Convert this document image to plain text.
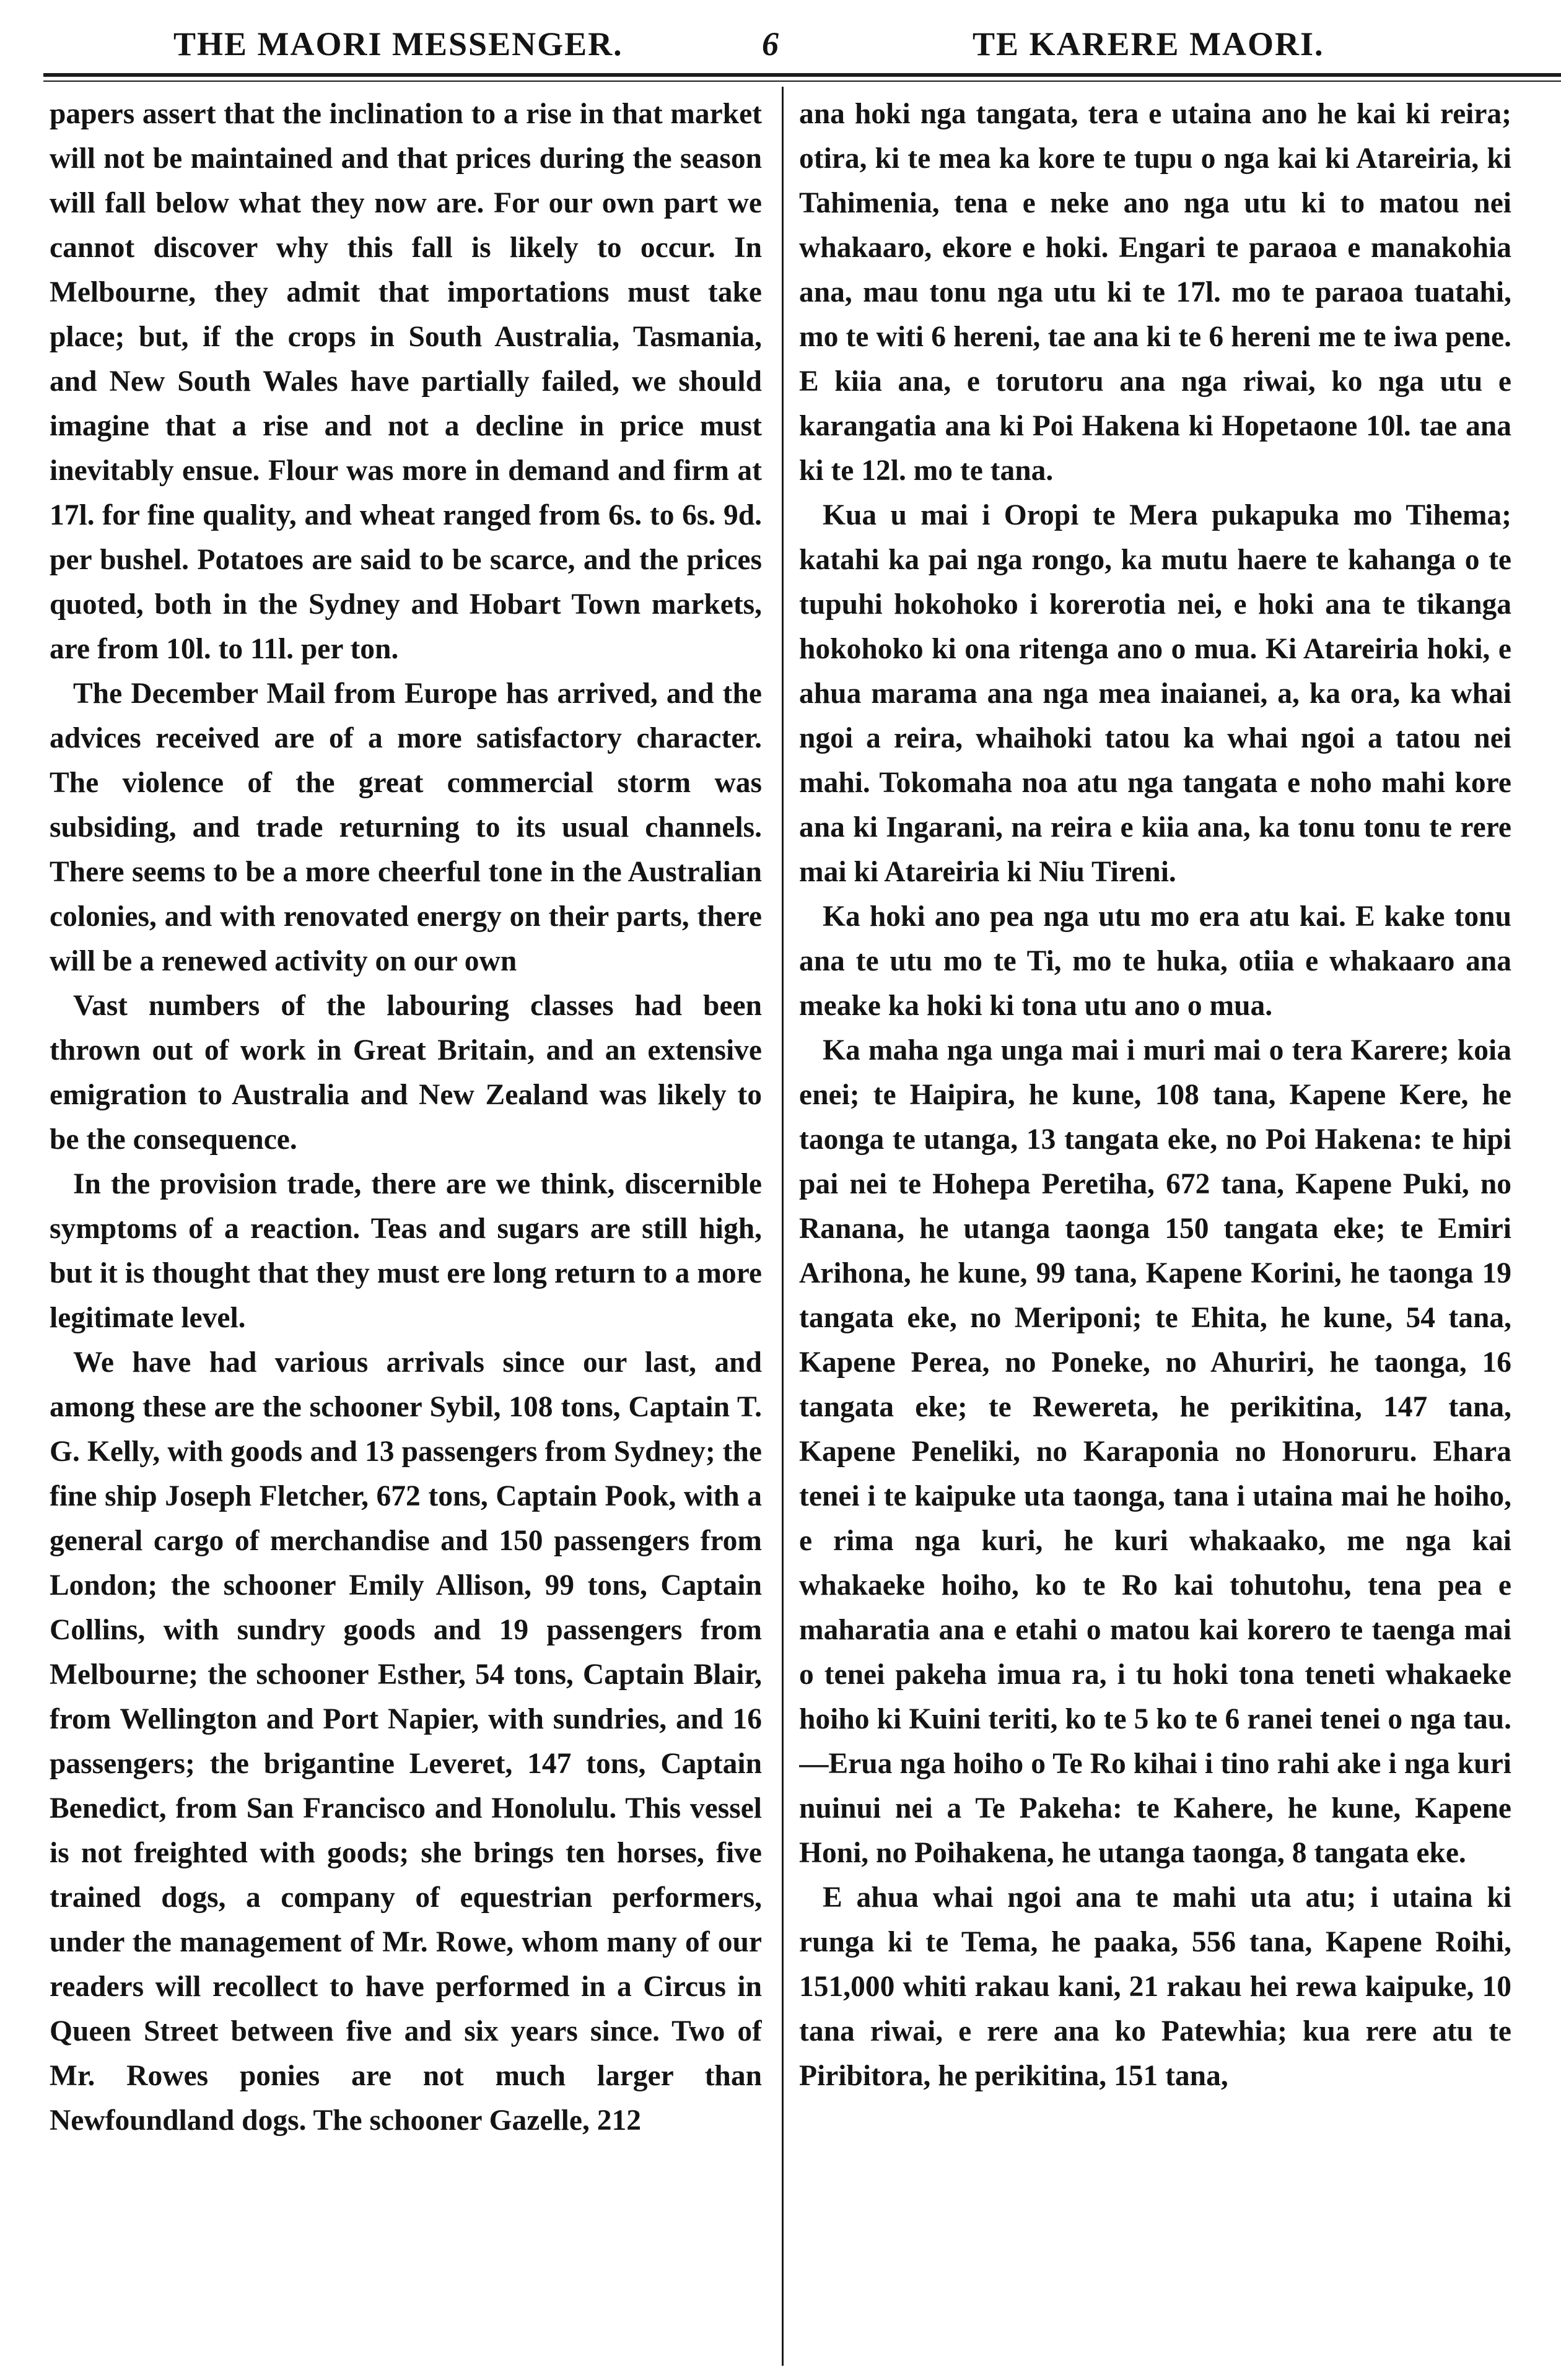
THE MAORI MESSENGER.	6	TE KARERE MAORI.

papers assert that the inclination to a rise in that market will not be maintained and that prices during the season will fall below what they now are. For our own part we cannot discover why this fall is likely to occur. In Melbourne, they admit that importations must take place; but, if the crops in South Australia, Tasmania, and New South Wales have partially failed, we should imagine that a rise and not a decline in price must inevitably ensue. Flour was more in demand and firm at 17l. for fine quality, and wheat ranged from 6s. to 6s. 9d. per bushel. Potatoes are said to be scarce, and the prices quoted, both in the Sydney and Hobart Town markets, are from 10l. to 11l. per ton.

The December Mail from Europe has arrived, and the advices received are of a more satisfactory character. The violence of the great commercial storm was subsiding, and trade returning to its usual channels. There seems to be a more cheerful tone in the Australian colonies, and with renovated energy on their parts, there will be a renewed activity on our own

Vast numbers of the labouring classes had been thrown out of work in Great Britain, and an extensive emigration to Australia and New Zealand was likely to be the consequence.

In the provision trade, there are we think, discernible symptoms of a reaction. Teas and sugars are still high, but it is thought that they must ere long return to a more legitimate level.

We have had various arrivals since our last, and among these are the schooner Sybil, 108 tons, Captain T. G. Kelly, with goods and 13 passengers from Sydney; the fine ship Joseph Fletcher, 672 tons, Captain Pook, with a general cargo of merchandise and 150 passengers from London; the schooner Emily Allison, 99 tons, Captain Collins, with sundry goods and 19 passengers from Melbourne; the schooner Esther, 54 tons, Captain Blair, from Wellington and Port Napier, with sundries, and 16 passengers; the brigantine Leveret, 147 tons, Captain Benedict, from San Francisco and Honolulu. This vessel is not freighted with goods; she brings ten horses, five trained dogs, a company of equestrian performers, under the management of Mr. Rowe, whom many of our readers will recollect to have performed in a Circus in Queen Street between five and six years since. Two of Mr. Rowes ponies are not much larger than Newfoundland dogs. The schooner Gazelle, 212

ana hoki nga tangata, tera e utaina ano he kai ki reira; otira, ki te mea ka kore te tupu o nga kai ki Atareiria, ki Tahimenia, tena e neke ano nga utu ki to matou nei whakaaro, ekore e hoki. Engari te paraoa e manakohia ana, mau tonu nga utu ki te 17l. mo te paraoa tuatahi, mo te witi 6 hereni, tae ana ki te 6 hereni me te iwa pene. E kiia ana, e torutoru ana nga riwai, ko nga utu e karangatia ana ki Poi Hakena ki Hopetaone 10l. tae ana ki te 12l. mo te tana.

Kua u mai i Oropi te Mera pukapuka mo Tihema; katahi ka pai nga rongo, ka mutu haere te kahanga o te tupuhi hokohoko i korerotia nei, e hoki ana te tikanga hokohoko ki ona ritenga ano o mua. Ki Atareiria hoki, e ahua marama ana nga mea inaianei, a, ka ora, ka whai ngoi a reira, whaihoki tatou ka whai ngoi a tatou nei mahi. Tokomaha noa atu nga tangata e noho mahi kore ana ki Ingarani, na reira e kiia ana, ka tonu tonu te rere mai ki Atareiria ki Niu Tireni.

Ka hoki ano pea nga utu mo era atu kai. E kake tonu ana te utu mo te Ti, mo te huka, otiia e whakaaro ana meake ka hoki ki tona utu ano o mua.

Ka maha nga unga mai i muri mai o tera Karere; koia enei; te Haipira, he kune, 108 tana, Kapene Kere, he taonga te utanga, 13 tangata eke, no Poi Hakena: te hipi pai nei te Hohepa Peretiha, 672 tana, Kapene Puki, no Ranana, he utanga taonga 150 tangata eke; te Emiri Arihona, he kune, 99 tana, Kapene Korini, he taonga 19 tangata eke, no Meriponi; te Ehita, he kune, 54 tana, Kapene Perea, no Poneke, no Ahuriri, he taonga, 16 tangata eke; te Rewereta, he perikitina, 147 tana, Kapene Peneliki, no Karaponia no Honoruru. Ehara tenei i te kaipuke uta taonga, tana i utaina mai he hoiho, e rima nga kuri, he kuri whakaako, me nga kai whakaeke hoiho, ko te Ro kai tohutohu, tena pea e maharatia ana e etahi o matou kai korero te taenga mai o tenei pakeha imua ra, i tu hoki tona teneti whakaeke hoiho ki Kuini teriti, ko te 5 ko te 6 ranei tenei o nga tau.—Erua nga hoiho o Te Ro kihai i tino rahi ake i nga kuri nuinui nei a Te Pakeha: te Kahere, he kune, Kapene Honi, no Poihakena, he utanga taonga, 8 tangata eke.

E ahua whai ngoi ana te mahi uta atu; i utaina ki runga ki te Tema, he paaka, 556 tana, Kapene Roihi, 151,000 whiti rakau kani, 21 rakau hei rewa kaipuke, 10 tana riwai, e rere ana ko Patewhia; kua rere atu te Piribitora, he perikitina, 151 tana,
